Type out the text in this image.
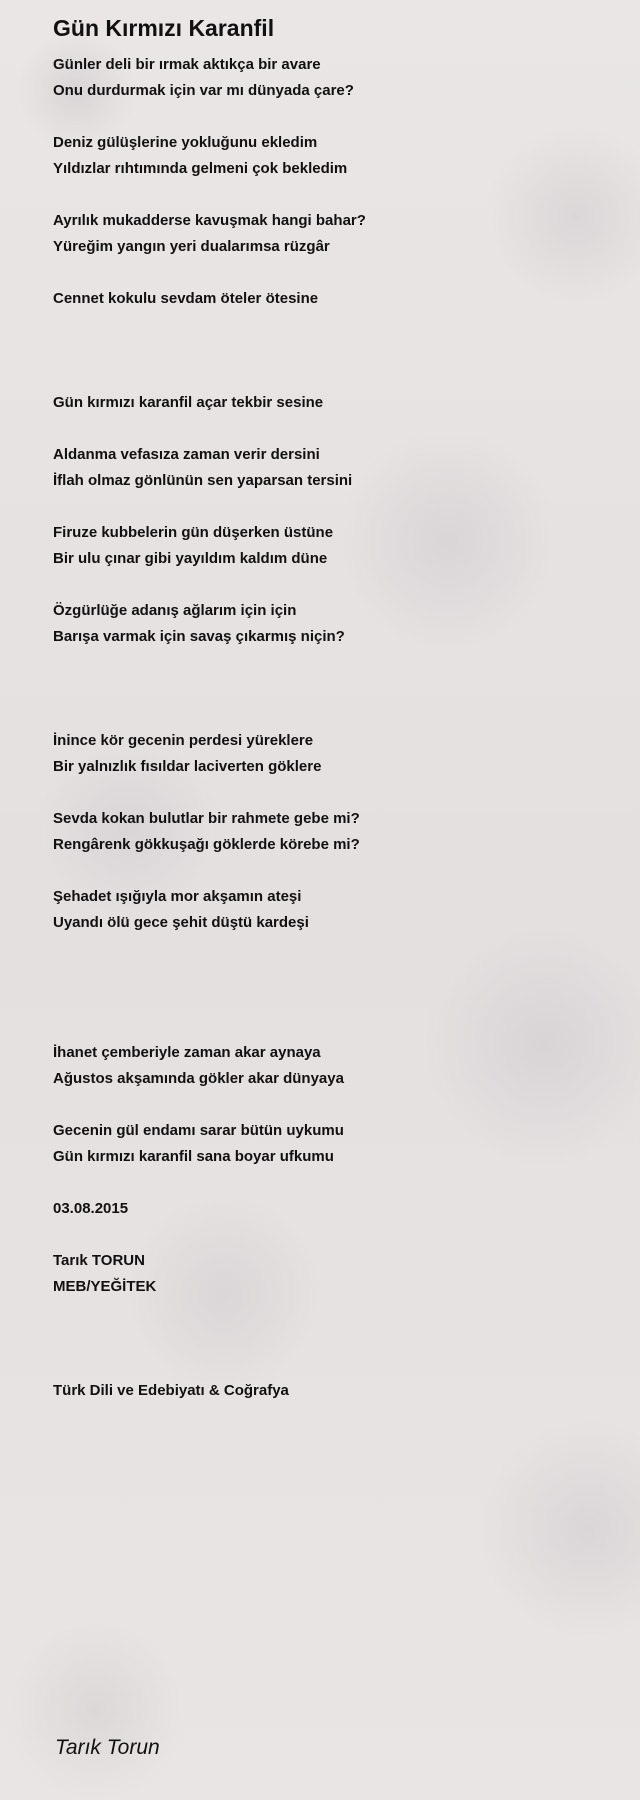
Gün Kırmızı Karanfil
Günler deli bir ırmak aktıkça bir avare
Onu durdurmak için var mı dünyada çare?
Deniz gülüşlerine yokluğunu ekledim
Yıldızlar rıhtımında gelmeni çok bekledim
Ayrılık mukadderse kavuşmak hangi bahar?
Yüreğim yangın yeri dualarımsa rüzgâr
Cennet kokulu sevdam öteler ötesine
Gün kırmızı karanfil açar tekbir sesine
Aldanma vefasıza zaman verir dersini
İflah olmaz gönlünün sen yaparsan tersini
Firuze kubbelerin gün düşerken üstüne
Bir ulu çınar gibi yayıldım kaldım düne
Özgürlüğe adanış ağlarım için için
Barışa varmak için savaş çıkarmış niçin?
İnince kör gecenin perdesi yüreklere
Bir yalnızlık fısıldar laciverten göklere
Sevda kokan bulutlar bir rahmete gebe mi?
Rengârenk gökkuşağı göklerde körebe mi?
Şehadet ışığıyla mor akşamın ateşi
Uyandı ölü gece şehit düştü kardeşi
İhanet çemberiyle zaman akar aynaya
Ağustos akşamında gökler akar dünyaya
Gecenin gül endamı sarar bütün uykumu
Gün kırmızı karanfil sana boyar ufkumu
03.08.2015
Tarık TORUN
MEB/YEĞİTEK
Türk Dili ve Edebiyatı & Coğrafya
Tarık Torun
